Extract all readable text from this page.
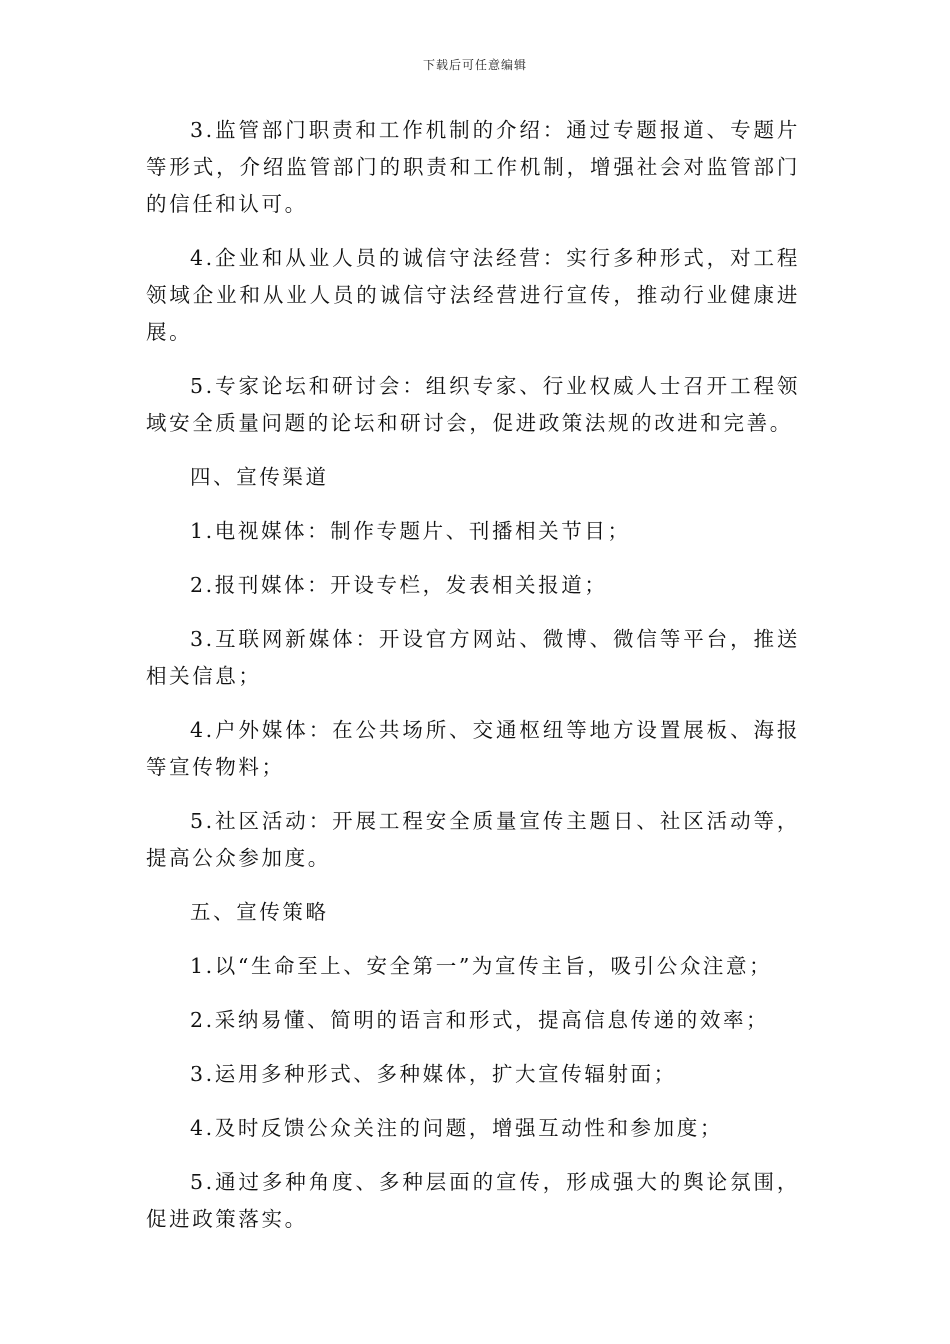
下载后可任意编辑

3.监管部门职责和工作机制的介绍：通过专题报道、专题片等形式，介绍监管部门的职责和工作机制，增强社会对监管部门的信任和认可。

4.企业和从业人员的诚信守法经营：实行多种形式，对工程领域企业和从业人员的诚信守法经营进行宣传，推动行业健康进展。

5.专家论坛和研讨会：组织专家、行业权威人士召开工程领域安全质量问题的论坛和研讨会，促进政策法规的改进和完善。

四、宣传渠道

1.电视媒体：制作专题片、刊播相关节目；

2.报刊媒体：开设专栏，发表相关报道；

3.互联网新媒体：开设官方网站、微博、微信等平台，推送相关信息；

4.户外媒体：在公共场所、交通枢纽等地方设置展板、海报等宣传物料；

5.社区活动：开展工程安全质量宣传主题日、社区活动等，提高公众参加度。

五、宣传策略

1.以“生命至上、安全第一”为宣传主旨，吸引公众注意；

2.采纳易懂、简明的语言和形式，提高信息传递的效率；

3.运用多种形式、多种媒体，扩大宣传辐射面；

4.及时反馈公众关注的问题，增强互动性和参加度；

5.通过多种角度、多种层面的宣传，形成强大的舆论氛围，促进政策落实。
